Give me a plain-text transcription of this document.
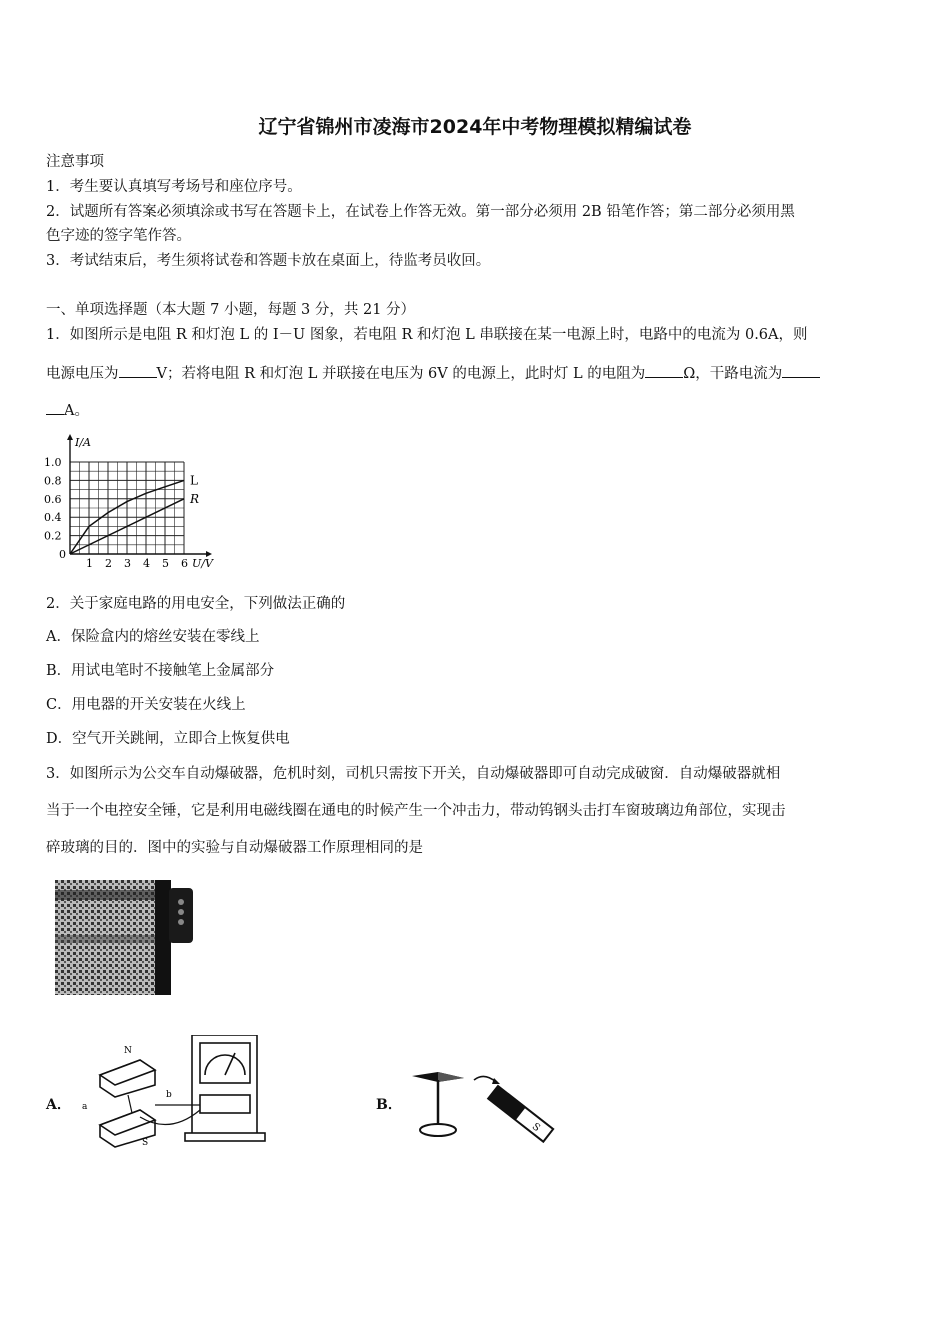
辽宁省锦州市凌海市2024年中考物理模拟精编试卷
注意事项
1．考生要认真填写考场号和座位序号。
2．试题所有答案必须填涂或书写在答题卡上，在试卷上作答无效。第一部分必须用 2B 铅笔作答；第二部分必须用黑
色字迹的签字笔作答。
3．考试结束后，考生须将试卷和答题卡放在桌面上，待监考员收回。
一、单项选择题（本大题 7 小题，每题 3 分，共 21 分）
1．如图所示是电阻 R 和灯泡 L 的 I－U 图象，若电阻 R 和灯泡 L 串联接在某一电源上时，电路中的电流为 0.6A，则
电源电压为	V；若将电阻 R 和灯泡 L 并联接在电压为 6V 的电源上，此时灯 L 的电阻为	Ω，干路电流为
A。
1 2 3 4 5 6
0.2
0.4
0.6
0.8
1.0
0
I/A
U/V
L
R
2．关于家庭电路的用电安全，下列做法正确的
A．保险盒内的熔丝安装在零线上
B．用试电笔时不接触笔上金属部分
C．用电器的开关安装在火线上
D．空气开关跳闸，立即合上恢复供电
3．如图所示为公交车自动爆破器，危机时刻，司机只需按下开关，自动爆破器即可自动完成破窗．自动爆破器就相
当于一个电控安全锤，它是利用电磁线圈在通电的时候产生一个冲击力，带动钨钢头击打车窗玻璃边角部位，实现击
碎玻璃的目的．图中的实验与自动爆破器工作原理相同的是
A．
S
N
a
b
B．
S
